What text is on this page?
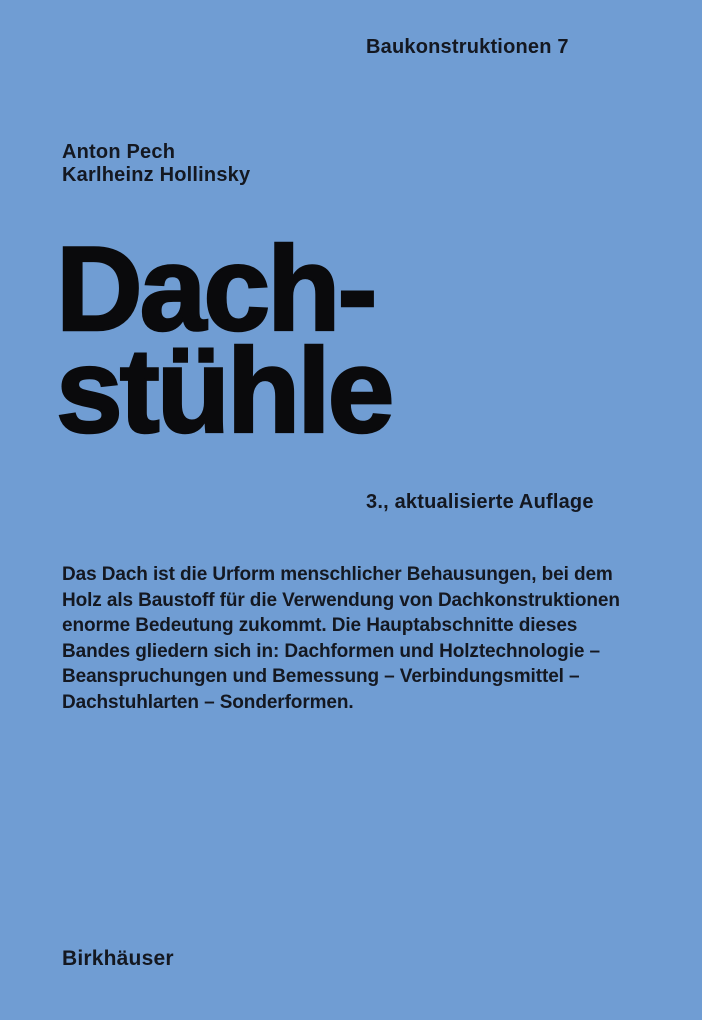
Baukonstruktionen 7
Anton Pech
Karlheinz Hollinsky
Dach-
stühle
3., aktualisierte Auflage
Das Dach ist die Urform menschlicher Behausungen, bei dem
Holz als Baustoff für die Verwendung von Dachkonstruktionen
enorme Bedeutung zukommt. Die Hauptabschnitte dieses
Bandes gliedern sich in: Dachformen und Holztechnologie –
Beanspruchungen und Bemessung – Verbindungsmittel –
Dachstuhlarten – Sonderformen.
Birkhäuser
